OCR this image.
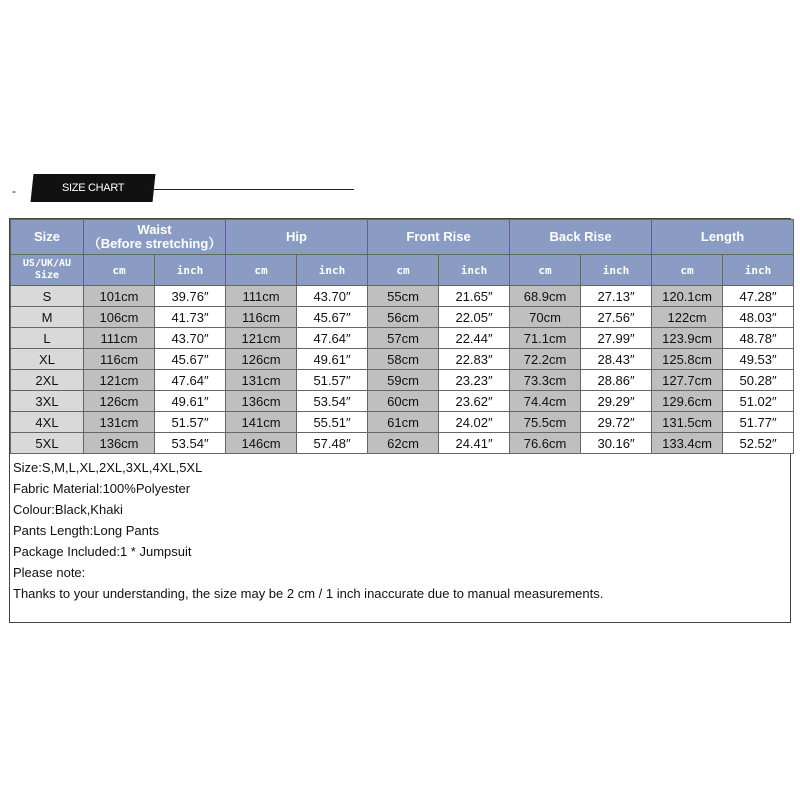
-	SIZE CHART
Size	Waist
（Before stretching）		Hip		Front Rise		Back Rise		Length	

US/UK/AU
Size	cm	inch	cm	inch	cm	inch	cm	inch	cm	inch
S	101cm	39.76″	111cm	43.70″	55cm	21.65″	68.9cm	27.13″	120.1cm	47.28″
M	106cm	41.73″	116cm	45.67″	56cm	22.05″	70cm	27.56″	122cm	48.03″
L	111cm	43.70″	121cm	47.64″	57cm	22.44″	71.1cm	27.99″	123.9cm	48.78″
XL	116cm	45.67″	126cm	49.61″	58cm	22.83″	72.2cm	28.43″	125.8cm	49.53″
2XL	121cm	47.64″	131cm	51.57″	59cm	23.23″	73.3cm	28.86″	127.7cm	50.28″
3XL	126cm	49.61″	136cm	53.54″	60cm	23.62″	74.4cm	29.29″	129.6cm	51.02″
4XL	131cm	51.57″	141cm	55.51″	61cm	24.02″	75.5cm	29.72″	131.5cm	51.77″
5XL	136cm	53.54″	146cm	57.48″	62cm	24.41″	76.6cm	30.16″	133.4cm	52.52″
Size:S,M,L,XL,2XL,3XL,4XL,5XL
Fabric Material:100%Polyester
Colour:Black,Khaki
Pants Length:Long Pants
Package Included:1 * Jumpsuit
Please note:
Thanks to your understanding, the size may be 2 cm / 1 inch inaccurate due to manual measurements.
